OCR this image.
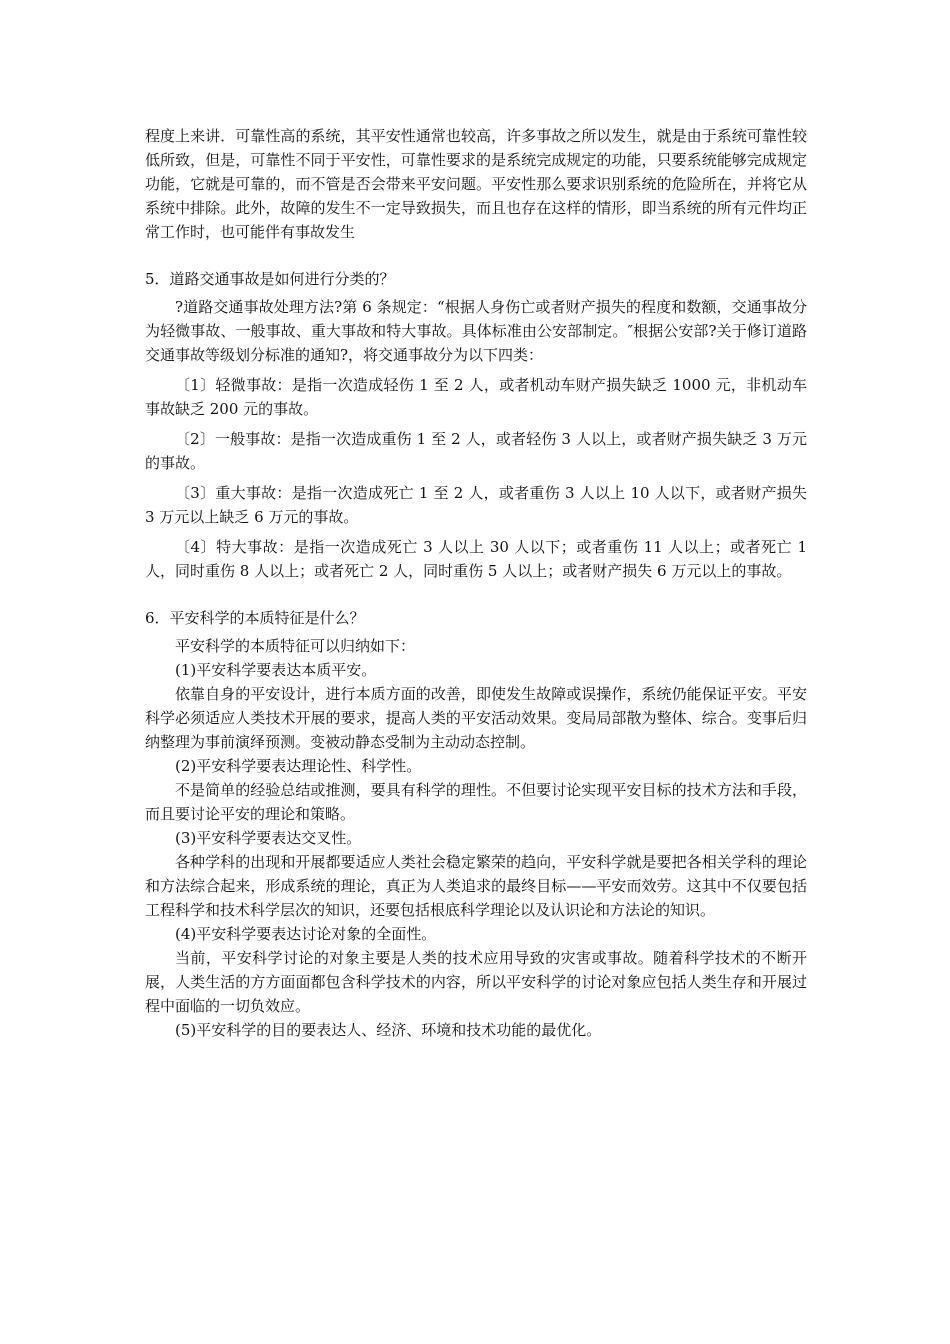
程度上来讲．可靠性高的系统，其平安性通常也较高，许多事故之所以发生，就是由于系统可靠性较低所致，但是，可靠性不同于平安性，可靠性要求的是系统完成规定的功能，只要系统能够完成规定功能，它就是可靠的，而不管是否会带来平安问题。平安性那么要求识别系统的危险所在，并将它从系统中排除。此外，故障的发生不一定导致损失，而且也存在这样的情形，即当系统的所有元件均正常工作时，也可能伴有事故发生

5．道路交通事故是如何进行分类的？

?道路交通事故处理方法?第 6 条规定：“根据人身伤亡或者财产损失的程度和数额，交通事故分为轻微事故、一般事故、重大事故和特大事故。具体标准由公安部制定。″根据公安部?关于修订道路交通事故等级划分标准的通知?，将交通事故分为以下四类：

〔1〕轻微事故：是指一次造成轻伤 1 至 2 人，或者机动车财产损失缺乏 1000 元，非机动车事故缺乏 200 元的事故。

〔2〕一般事故：是指一次造成重伤 1 至 2 人，或者轻伤 3 人以上，或者财产损失缺乏 3 万元的事故。

〔3〕重大事故：是指一次造成死亡 1 至 2 人，或者重伤 3 人以上 10 人以下，或者财产损失 3 万元以上缺乏 6 万元的事故。

〔4〕特大事故：是指一次造成死亡 3 人以上 30 人以下；或者重伤 11 人以上；或者死亡 1 人，同时重伤 8 人以上；或者死亡 2 人，同时重伤 5 人以上；或者财产损失 6 万元以上的事故。

6．平安科学的本质特征是什么？

平安科学的本质特征可以归纳如下：

(1)平安科学要表达本质平安。

依靠自身的平安设计，进行本质方面的改善，即使发生故障或误操作，系统仍能保证平安。平安科学必须适应人类技术开展的要求，提高人类的平安活动效果。变局局部散为整体、综合。变事后归纳整理为事前演绎预测。变被动静态受制为主动动态控制。

(2)平安科学要表达理论性、科学性。

不是简单的经验总结或推测，要具有科学的理性。不但要讨论实现平安目标的技术方法和手段，而且要讨论平安的理论和策略。

(3)平安科学要表达交叉性。

各种学科的出现和开展都要适应人类社会稳定繁荣的趋向，平安科学就是要把各相关学科的理论和方法综合起来，形成系统的理论，真正为人类追求的最终目标——平安而效劳。这其中不仅要包括工程科学和技术科学层次的知识，还要包括根底科学理论以及认识论和方法论的知识。

(4)平安科学要表达讨论对象的全面性。

当前，平安科学讨论的对象主要是人类的技术应用导致的灾害或事故。随着科学技术的不断开展，人类生活的方方面面都包含科学技术的内容，所以平安科学的讨论对象应包括人类生存和开展过程中面临的一切负效应。

(5)平安科学的目的要表达人、经济、环境和技术功能的最优化。
